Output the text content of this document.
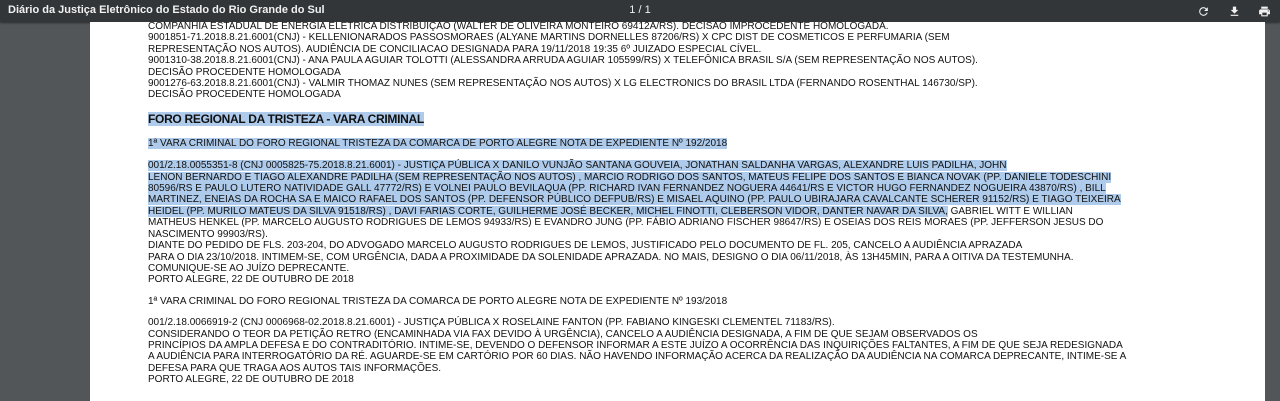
Diário da Justiça Eletrônico do Estado do Rio Grande do Sul	1 / 1

COMPANHIA ESTADUAL DE ENERGIA ELÉTRICA DISTRIBUIÇÃO (WALTER DE OLIVEIRA MONTEIRO 69412A/RS). DECISÃO IMPROCEDENTE HOMOLOGADA.

9001851-71.2018.8.21.6001(CNJ) - KELLENIONARADOS PASSOSMORAES (ALYANE MARTINS DORNELLES 87206/RS) X CPC DIST DE COSMETICOS E PERFUMARIA (SEM

REPRESENTAÇÃO NOS AUTOS). AUDIÊNCIA DE CONCILIACAO DESIGNADA PARA 19/11/2018 19:35 6º JUIZADO ESPECIAL CÍVEL.

9001310-38.2018.8.21.6001(CNJ) - ANA PAULA AGUIAR TOLOTTI (ALESSANDRA ARRUDA AGUIAR 105599/RS) X TELEFÔNICA BRASIL S/A (SEM REPRESENTAÇÃO NOS AUTOS).

DECISÃO PROCEDENTE HOMOLOGADA

9001276-63.2018.8.21.6001(CNJ) - VALMIR THOMAZ NUNES (SEM REPRESENTAÇÃO NOS AUTOS) X LG ELECTRONICS DO BRASIL LTDA (FERNANDO ROSENTHAL 146730/SP).

DECISÃO PROCEDENTE HOMOLOGADA

FORO REGIONAL DA TRISTEZA - VARA CRIMINAL

1ª VARA CRIMINAL DO FORO REGIONAL TRISTEZA DA COMARCA DE PORTO ALEGRE NOTA DE EXPEDIENTE Nº 192/2018

001/2.18.0055351-8 (CNJ 0005825-75.2018.8.21.6001) - JUSTIÇA PÚBLICA X DANILO VUNJÃO SANTANA GOUVEIA, JONATHAN SALDANHA VARGAS, ALEXANDRE LUIS PADILHA, JOHN

LENON BERNARDO E TIAGO ALEXANDRE PADILHA (SEM REPRESENTAÇÃO NOS AUTOS) , MARCIO RODRIGO DOS SANTOS, MATEUS FELIPE DOS SANTOS E BIANCA NOVAK (PP. DANIELE TODESCHINI

80596/RS E PAULO LUTERO NATIVIDADE GALL 47772/RS) E VOLNEI PAULO BEVILAQUA (PP. RICHARD IVAN FERNANDEZ NOGUERA 44641/RS E VICTOR HUGO FERNANDEZ NOGUEIRA 43870/RS) , BILL

MARTINEZ, ENEIAS DA ROCHA SA E MAICO RAFAEL DOS SANTOS (PP. DEFENSOR PÚBLICO DEFPUB/RS) E MISAEL AQUINO (PP. PAULO UBIRAJARA CAVALCANTE SCHERER 91152/RS) E TIAGO TEIXEIRA

HEIDEL (PP. MURILO MATEUS DA SILVA 91518/RS) , DAVI FARIAS CORTE, GUILHERME JOSÉ BECKER, MICHEL FINOTTI, CLEBERSON VIDOR, DANTER NAVAR DA SILVA, GABRIEL WITT E WILLIAN

MATHEUS HENKEL (PP. MARCELO AUGUSTO RODRIGUES DE LEMOS 94933/RS) E EVANDRO JUNG (PP. FÁBIO ADRIANO FISCHER 98647/RS) E OSEIAS DOS REIS MORAES (PP. JEFFERSON JESUS DO

NASCIMENTO 99903/RS).

DIANTE DO PEDIDO DE FLS. 203-204, DO ADVOGADO MARCELO AUGUSTO RODRIGUES DE LEMOS, JUSTIFICADO PELO DOCUMENTO DE FL. 205, CANCELO A AUDIÊNCIA APRAZADA

PARA O DIA 23/10/2018. INTIMEM-SE, COM URGÊNCIA, DADA A PROXIMIDADE DA SOLENIDADE APRAZADA. NO MAIS, DESIGNO O DIA 06/11/2018, ÀS 13H45MIN, PARA A OITIVA DA TESTEMUNHA.

COMUNIQUE-SE AO JUÍZO DEPRECANTE.

PORTO ALEGRE, 22 DE OUTUBRO DE 2018

1ª VARA CRIMINAL DO FORO REGIONAL TRISTEZA DA COMARCA DE PORTO ALEGRE NOTA DE EXPEDIENTE Nº 193/2018

001/2.18.0066919-2 (CNJ 0006968-02.2018.8.21.6001) - JUSTIÇA PÚBLICA X ROSELAINE FANTON (PP. FABIANO KINGESKI CLEMENTEL 71183/RS).

CONSIDERANDO O TEOR DA PETIÇÃO RETRO (ENCAMINHADA VIA FAX DEVIDO À URGÊNCIA), CANCELO A AUDIÊNCIA DESIGNADA, A FIM DE QUE SEJAM OBSERVADOS OS

PRINCÍPIOS DA AMPLA DEFESA E DO CONTRADITÓRIO. INTIME-SE, DEVENDO O DEFENSOR INFORMAR A ESTE JUÍZO A OCORRÊNCIA DAS INQUIRIÇÕES FALTANTES, A FIM DE QUE SEJA REDESIGNADA

A AUDIÊNCIA PARA INTERROGATÓRIO DA RÉ. AGUARDE-SE EM CARTÓRIO POR 60 DIAS. NÃO HAVENDO INFORMAÇÃO ACERCA DA REALIZAÇÃO DA AUDIÊNCIA NA COMARCA DEPRECANTE, INTIME-SE A

DEFESA PARA QUE TRAGA AOS AUTOS TAIS INFORMAÇÕES.

PORTO ALEGRE, 22 DE OUTUBRO DE 2018
